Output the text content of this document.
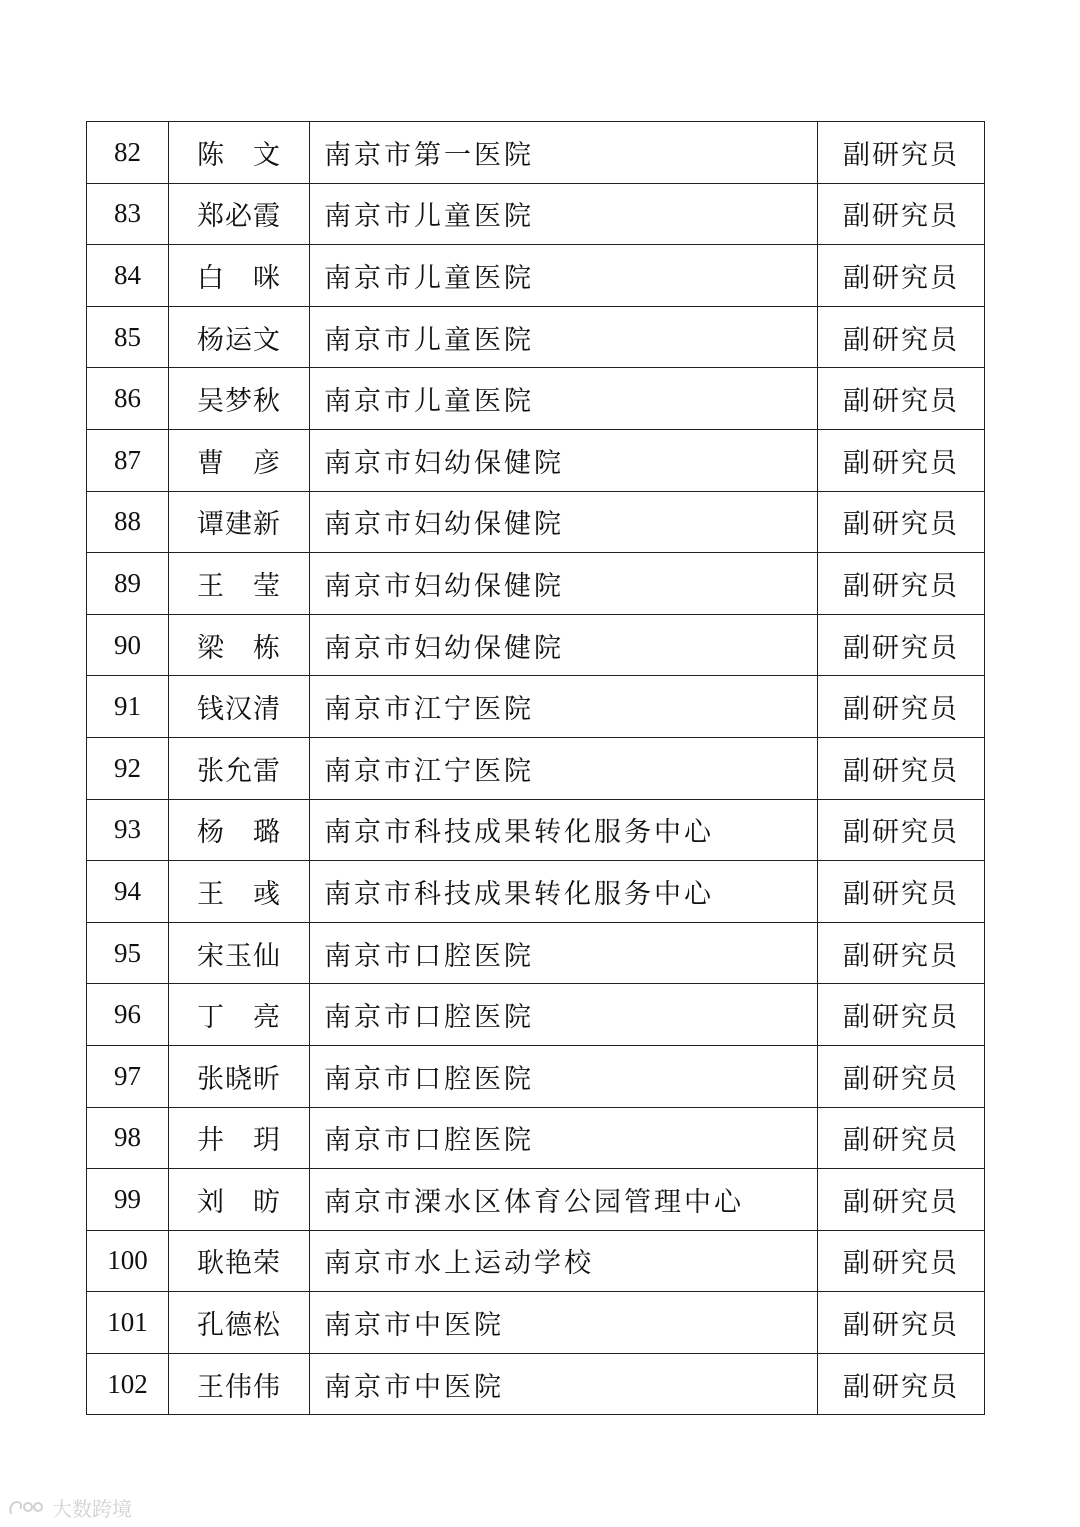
82	陈　文	南京市第一医院	副研究员
83	郑必霞	南京市儿童医院	副研究员
84	白　咪	南京市儿童医院	副研究员
85	杨运文	南京市儿童医院	副研究员
86	吴梦秋	南京市儿童医院	副研究员
87	曹　彦	南京市妇幼保健院	副研究员
88	谭建新	南京市妇幼保健院	副研究员
89	王　莹	南京市妇幼保健院	副研究员
90	梁　栋	南京市妇幼保健院	副研究员
91	钱汉清	南京市江宁医院	副研究员
92	张允雷	南京市江宁医院	副研究员
93	杨　璐	南京市科技成果转化服务中心	副研究员
94	王　彧	南京市科技成果转化服务中心	副研究员
95	宋玉仙	南京市口腔医院	副研究员
96	丁　亮	南京市口腔医院	副研究员
97	张晓昕	南京市口腔医院	副研究员
98	井　玥	南京市口腔医院	副研究员
99	刘　昉	南京市溧水区体育公园管理中心	副研究员
100	耿艳荣	南京市水上运动学校	副研究员
101	孔德松	南京市中医院	副研究员
102	王伟伟	南京市中医院	副研究员
大数跨境
